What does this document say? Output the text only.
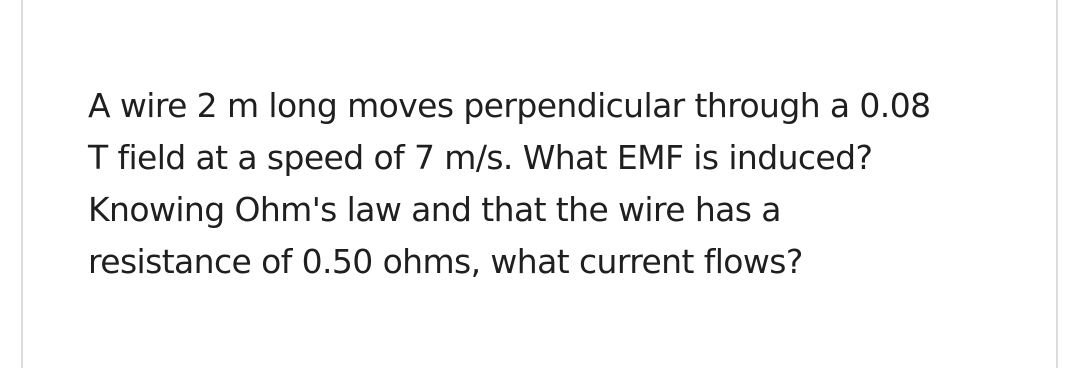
A wire 2 m long moves perpendicular through a 0.08
T field at a speed of 7 m/s. What EMF is induced?
Knowing Ohm's law and that the wire has a
resistance of 0.50 ohms, what current flows?
